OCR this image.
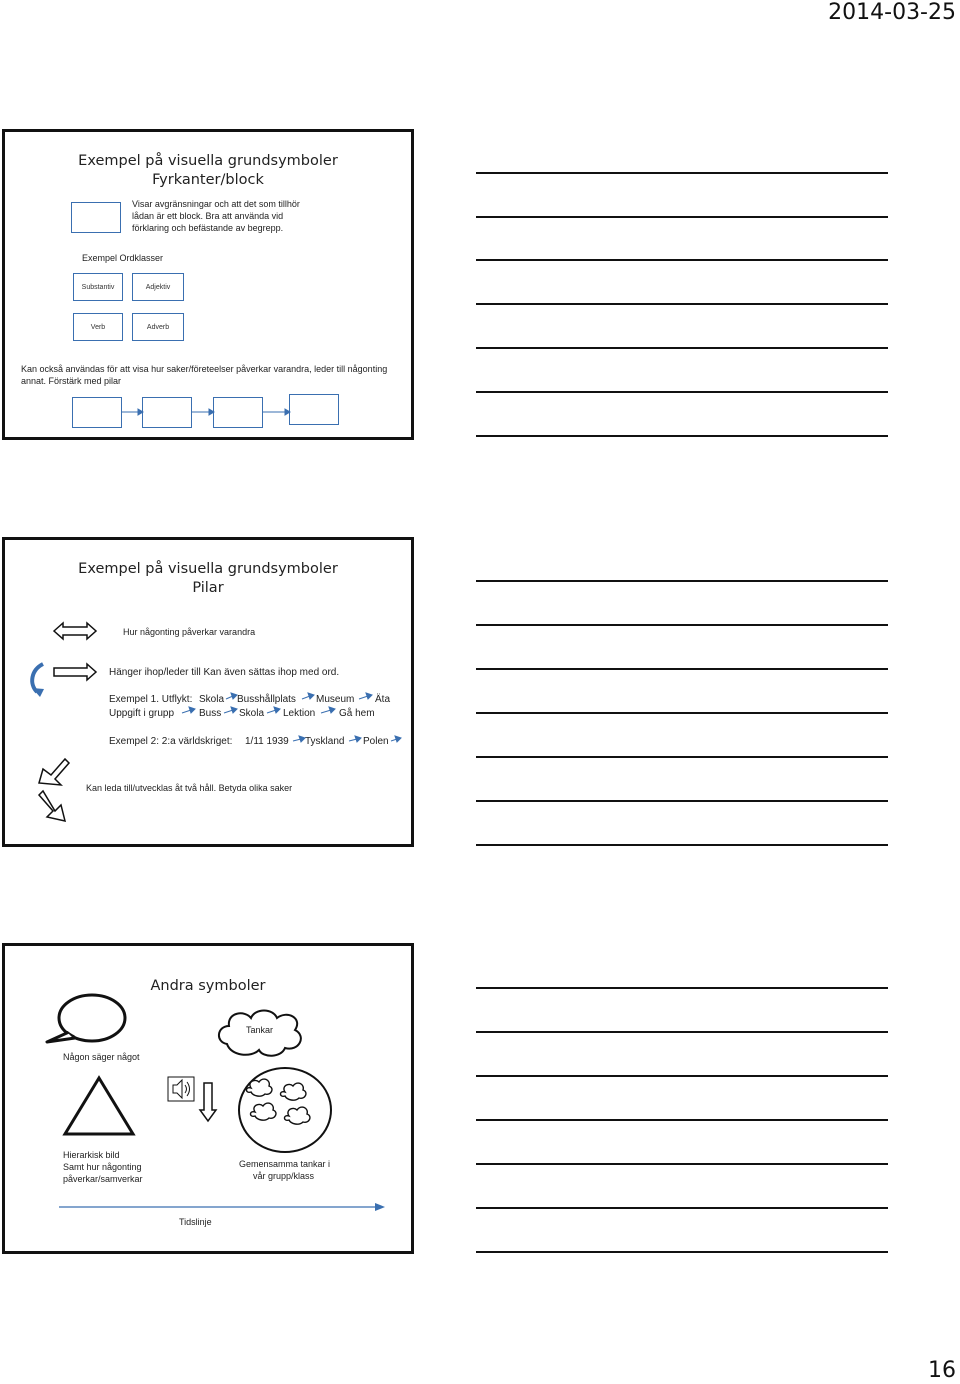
2014-03-25
16
Exempel på visuella grundsymboler
Fyrkanter/block
Visar avgränsningar och att det som tillhör
lådan är ett block. Bra att använda vid
förklaring och befästande av begrepp.
Exempel Ordklasser
Substantiv	Adjektiv
Verb	Adverb
Kan också användas för att visa hur saker/företeelser påverkar varandra, leder till någonting
annat. Förstärk med pilar
Exempel på visuella grundsymboler
Pilar
Hur någonting påverkar varandra
Hänger ihop/leder till Kan även sättas ihop med ord.
Exempel 1. Utflykt: Skola Busshållplats Museum Äta
Uppgift i grupp Buss Skola Lektion Gå hem
Exempel 2: 2:a världskriget: 1/11 1939 Tyskland Polen
Kan leda till/utvecklas åt två håll. Betyda olika saker
Andra symboler
Någon säger något
Tankar
Hierarkisk bild
Samt hur någonting
påverkar/samverkar
Gemensamma tankar i
vår grupp/klass
Tidslinje
